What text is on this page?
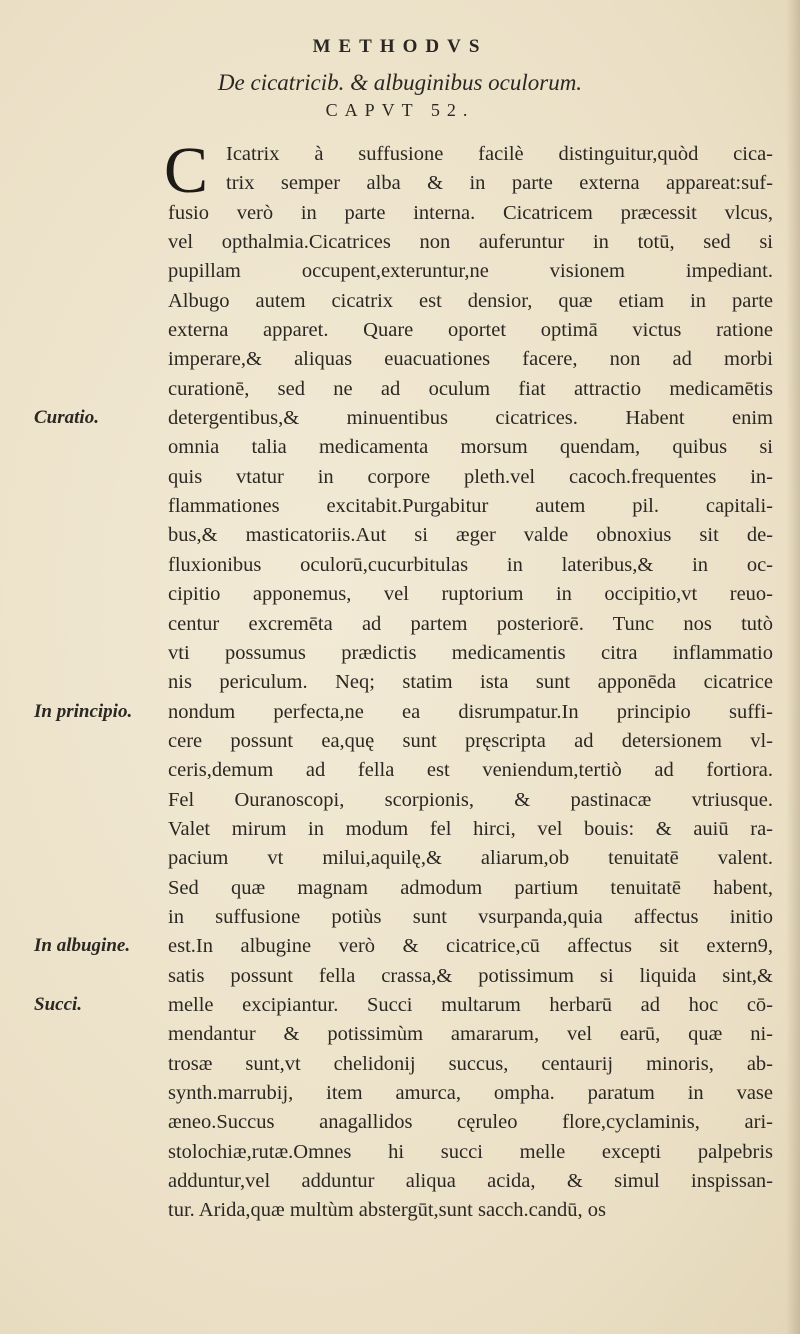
METHODVS
De cicatricib. & albuginibus oculorum.
CAPVT 52.
C Icatrix à suffusione facilè distinguitur,quòd cica-
trix semper alba & in parte externa appareat:suf-
fusio verò in parte interna. Cicatricem præcessit vlcus,
vel opthalmia.Cicatrices non auferuntur in totū, sed si
pupillam occupent,exteruntur,ne visionem impediant.
Albugo autem cicatrix est densior, quæ etiam in parte
externa apparet. Quare oportet optimā victus ratione
imperare,& aliquas euacuationes facere, non ad morbi
curationē, sed ne ad oculum fiat attractio medicamētis
detergentibus,& minuentibus cicatrices. Habent enim
omnia talia medicamenta morsum quendam, quibus si
quis vtatur in corpore pleth.vel cacoch.frequentes in-
flammationes excitabit.Purgabitur autem pil. capitali-
bus,& masticatoriis.Aut si æger valde obnoxius sit de-
fluxionibus oculorū,cucurbitulas in lateribus,& in oc-
cipitio apponemus, vel ruptorium in occipitio,vt reuo-
centur excremēta ad partem posteriorē. Tunc nos tutò
vti possumus prædictis medicamentis citra inflammatio
nis periculum. Neq; statim ista sunt apponēda cicatrice
nondum perfecta,ne ea disrumpatur.In principio suffi-
cere possunt ea,quę sunt pręscripta ad detersionem vl-
ceris,demum ad fella est veniendum,tertiò ad fortiora.
Fel Ouranoscopi, scorpionis, & pastinacæ vtriusque.
Valet mirum in modum fel hirci, vel bouis: & auiū ra-
pacium vt milui,aquilę,& aliarum,ob tenuitatē valent.
Sed quæ magnam admodum partium tenuitatē habent,
in suffusione potiùs sunt vsurpanda,quia affectus initio
est.In albugine verò & cicatrice,cū affectus sit extern9,
satis possunt fella crassa,& potissimum si liquida sint,&
melle excipiantur. Succi multarum herbarū ad hoc cō-
mendantur & potissimùm amararum, vel earū, quæ ni-
trosæ sunt,vt chelidonij succus, centaurij minoris, ab-
synth.marrubij, item amurca, ompha. paratum in vase
æneo.Succus anagallidos cęruleo flore,cyclaminis, ari-
stolochiæ,rutæ.Omnes hi succi melle excepti palpebris
adduntur,vel adduntur aliqua acida, & simul inspissan-
tur. Arida,quæ multùm abstergūt,sunt sacch.candū, os
Curatio.
In principio.
In albugine.
Succi.
